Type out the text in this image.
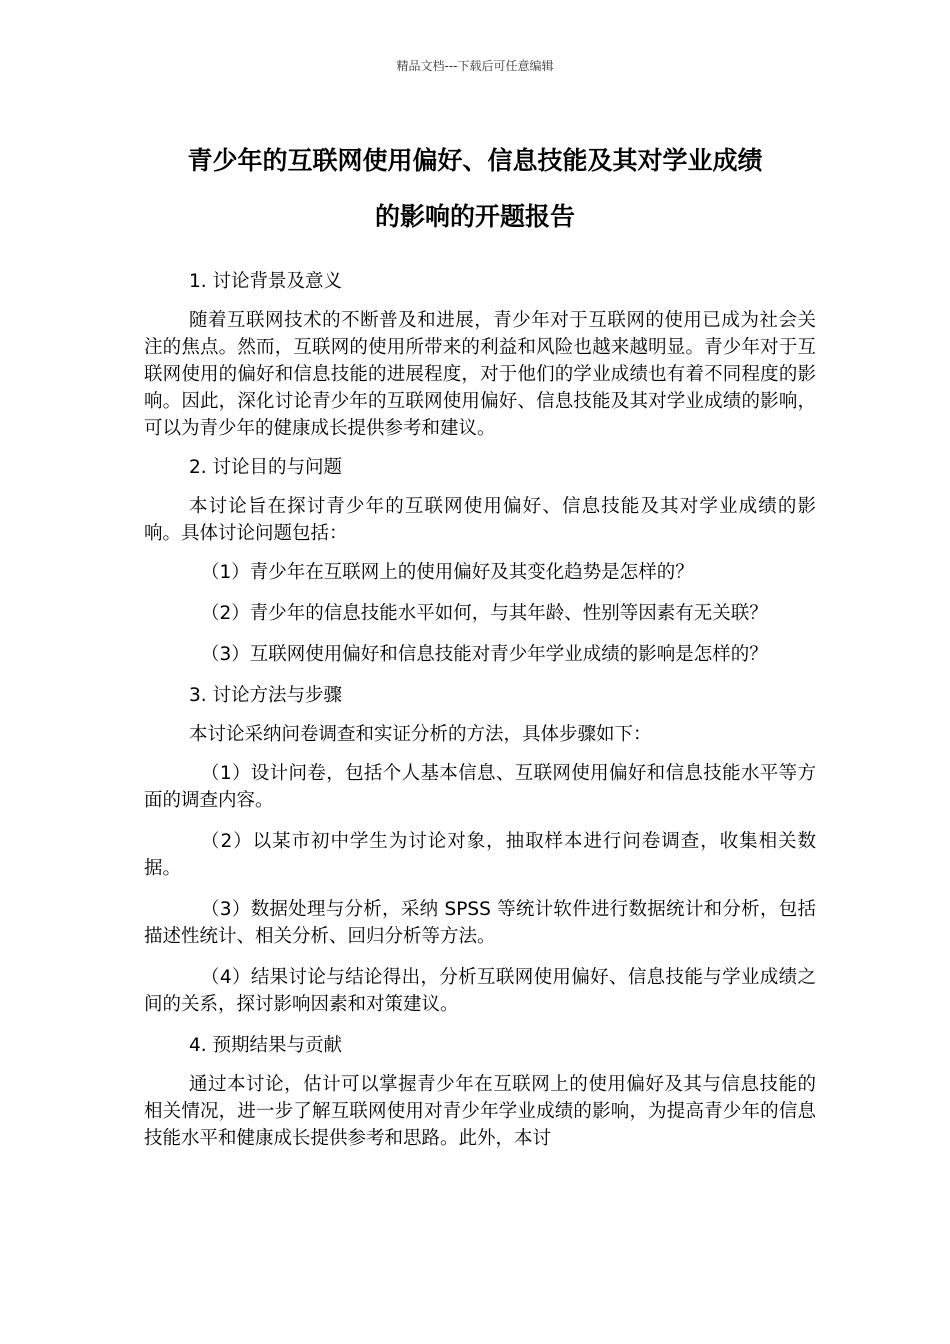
精品文档---下载后可任意编辑
青少年的互联网使用偏好、信息技能及其对学业成绩
的影响的开题报告
1. 讨论背景及意义
随着互联网技术的不断普及和进展，青少年对于互联网的使用已成为社会关注的焦点。然而，互联网的使用所带来的利益和风险也越来越明显。青少年对于互联网使用的偏好和信息技能的进展程度，对于他们的学业成绩也有着不同程度的影响。因此，深化讨论青少年的互联网使用偏好、信息技能及其对学业成绩的影响，可以为青少年的健康成长提供参考和建议。
2. 讨论目的与问题
本讨论旨在探讨青少年的互联网使用偏好、信息技能及其对学业成绩的影响。具体讨论问题包括：
（1）青少年在互联网上的使用偏好及其变化趋势是怎样的？
（2）青少年的信息技能水平如何，与其年龄、性别等因素有无关联？
（3）互联网使用偏好和信息技能对青少年学业成绩的影响是怎样的？
3. 讨论方法与步骤
本讨论采纳问卷调查和实证分析的方法，具体步骤如下：
（1）设计问卷，包括个人基本信息、互联网使用偏好和信息技能水平等方面的调查内容。
（2）以某市初中学生为讨论对象，抽取样本进行问卷调查，收集相关数据。
（3）数据处理与分析，采纳 SPSS 等统计软件进行数据统计和分析，包括描述性统计、相关分析、回归分析等方法。
（4）结果讨论与结论得出，分析互联网使用偏好、信息技能与学业成绩之间的关系，探讨影响因素和对策建议。
4. 预期结果与贡献
通过本讨论，估计可以掌握青少年在互联网上的使用偏好及其与信息技能的相关情况，进一步了解互联网使用对青少年学业成绩的影响，为提高青少年的信息技能水平和健康成长提供参考和思路。此外，本讨
